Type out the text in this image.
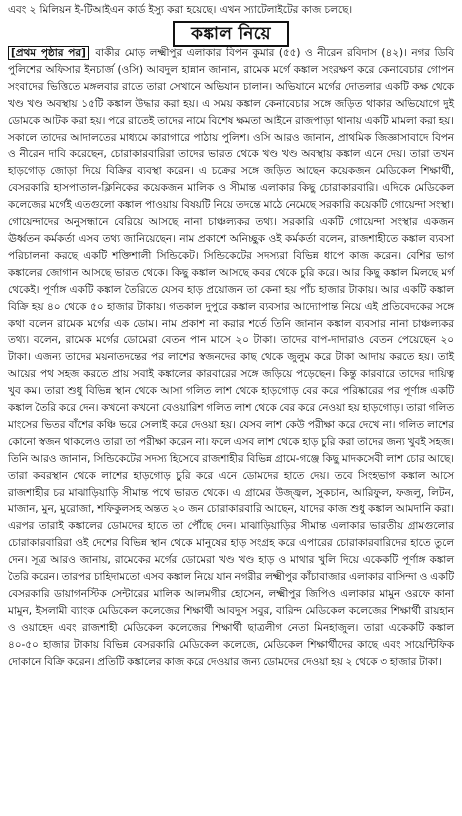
এবং ২ মিলিয়ন ই-টিআইএন কার্ড ইস্যু করা হয়েছে। এখন স্যাটেলাইটের কাজ চলছে।
কঙ্কাল নিয়ে

[প্রথম পৃষ্ঠার পর] বাকীর মোড় লক্ষ্মীপুর এলাকার বিপন কুমার (৫৫) ও নীরেন রবিদাস (৪২)। নগর ডিবি পুলিশের অফিসার ইনচার্জ (ওসি) আবদুল হান্নান জানান, রামেক মর্গে কঙ্কাল সংরক্ষণ করে কেনাবেচার গোপন সংবাদের ভিত্তিতে মঙ্গলবার রাতে তারা সেখানে অভিযান চালান। অভিযানে মর্গের দোতলার একটি কক্ষ থেকে খণ্ড খণ্ড অবস্থায় ১৫টি কঙ্কাল উদ্ধার করা হয়। এ সময় কঙ্কাল কেনাবেচার সঙ্গে জড়িত থাকার অভিযোগে দুই ডোমকে আটক করা হয়। পরে রাতেই তাদের নামে বিশেষ ক্ষমতা আইনে রাজপাড়া থানায় একটি মামলা করা হয়। সকালে তাদের আদালতের মাধ্যমে কারাগারে পাঠায় পুলিশ। ওসি আরও জানান, প্রাথমিক জিজ্ঞাসাবাদে বিপন ও নীরেন দাবি করেছেন, চোরাকারবারিরা তাদের ভারত থেকে খণ্ড খণ্ড অবস্থায় কঙ্কাল এনে দেয়। তারা তখন হাড়গোড় জোড়া দিয়ে বিক্রির ব্যবস্থা করেন। এ চক্রের সঙ্গে জড়িত আছেন কয়েকজন মেডিকেল শিক্ষার্থী, বেসরকারি হাসপাতাল-ক্লিনিকের কয়েকজন মালিক ও সীমান্ত এলাকার কিছু চোরাকারবারি। এদিকে মেডিকেল কলেজের মর্গেই এতগুলো কঙ্কাল পাওয়ায় বিষয়টি নিয়ে তদন্তে মাঠে নেমেছে সরকারি কয়েকটি গোয়েন্দা সংস্থা। গোয়েন্দাদের অনুসন্ধানে বেরিয়ে আসছে নানা চাঞ্চল্যকর তথ্য। সরকারি একটি গোয়েন্দা সংস্থার একজন ঊর্ধ্বতন কর্মকর্তা এসব তথ্য জানিয়েছেন। নাম প্রকাশে অনিচ্ছুক ওই কর্মকর্তা বলেন, রাজশাহীতে কঙ্কাল ব্যবসা পরিচালনা করছে একটি শক্তিশালী সিন্ডিকেট। সিন্ডিকেটের সদস্যরা বিভিন্ন ধাপে কাজ করেন। বেশির ভাগ কঙ্কালের জোগান আসছে ভারত থেকে। কিছু কঙ্কাল আসছে কবর থেকে চুরি করে। আর কিছু কঙ্কাল মিলছে মর্গ থেকেই। পূর্ণাঙ্গ একটি কঙ্কাল তৈরিতে যেসব হাড় প্রয়োজন তা কেনা হয় পাঁচ হাজার টাকায়। আর একটি কঙ্কাল বিক্রি হয় ৪০ থেকে ৫০ হাজার টাকায়। গতকাল দুপুরে কঙ্কাল ব্যবসার আদ্যোপান্ত নিয়ে এই প্রতিবেদকের সঙ্গে কথা বলেন রামেক মর্গের এক ডোম। নাম প্রকাশ না করার শর্তে তিনি জানান কঙ্কাল ব্যবসার নানা চাঞ্চল্যকর তথ্য। বলেন, রামেক মর্গের ডোমেরা বেতন পান মাসে ২০ টাকা। তাদের বাপ-দাদারাও বেতন পেয়েছেন ২০ টাকা। এজন্য তাদের ময়নাতদন্তের পর লাশের স্বজনদের কাছ থেকে জুলুম করে টাকা আদায় করতে হয়। তাই আয়ের পথ সহজ করতে প্রায় সবাই কঙ্কালের কারবারের সঙ্গে জড়িয়ে পড়েছেন। কিন্তু কারবারে তাদের দায়িত্ব খুব কম। তারা শুধু বিভিন্ন স্থান থেকে আসা গলিত লাশ থেকে হাড়গোড় বের করে পরিষ্কারের পর পূর্ণাঙ্গ একটি কঙ্কাল তৈরি করে দেন। কখনো কখনো বেওয়ারিশ গলিত লাশ থেকে বের করে নেওয়া হয় হাড়গোড়। তারা গলিত মাংসের ভিতর বাঁশের কঞ্চি ভরে সেলাই করে দেওয়া হয়। যেসব লাশ কেউ পরীক্ষা করে দেখে না। গলিত লাশের কোনো স্বজন থাকলেও তারা তা পরীক্ষা করেন না। ফলে এসব লাশ থেকে হাড় চুরি করা তাদের জন্য খুবই সহজ। তিনি আরও জানান, সিন্ডিকেটের সদস্য হিসেবে রাজশাহীর বিভিন্ন গ্রামে-গঞ্জে কিছু মাদকসেবী লাশ চোর আছে। তারা কবরস্থান থেকে লাশের হাড়গোড় চুরি করে এনে ডোমদের হাতে দেয়। তবে সিংহভাগ কঙ্কাল আসে রাজশাহীর চর মাঝাড়িয়াড়ি সীমান্ত পথে ভারত থেকে। এ গ্রামের উজ্জ্বল, সুকচান, আরিফুল, ফজলু, লিটন, মাজান, মুন, মুরোজা, শফিকুলসহ অন্তত ২০ জন চোরাকারবারি আছেন, যাদের কাজ শুধু কঙ্কাল আমদানি করা। এরপর তারাই কঙ্কালের ডোমদের হাতে তা পৌঁছে দেন। মাঝাড়িয়াড়ির সীমান্ত এলাকার ভারতীয় গ্রামগুলোর চোরাকারবারিরা ওই দেশের বিভিন্ন স্থান থেকে মানুষের হাড় সংগ্রহ করে এপারের চোরাকারবারিদের হাতে তুলে দেন। সূত্র আরও জানায়, রামেকের মর্গের ডোমেরা খণ্ড খণ্ড হাড় ও মাথার খুলি দিয়ে একেকটি পূর্ণাঙ্গ কঙ্কাল তৈরি করেন। তারপর চাহিদামতো এসব কঙ্কাল নিয়ে যান নগরীর লক্ষ্মীপুর কাঁচাবাজার এলাকার বাসিন্দা ও একটি বেসরকারি ডায়াগনস্টিক সেন্টারের মালিক আলমগীর হোসেন, লক্ষ্মীপুর জিপিও এলাকার মামুন ওরফে কানা মামুন, ইসলামী ব্যাংক মেডিকেল কলেজের শিক্ষার্থী আবদুস সবুর, বারিন্দ মেডিকেল কলেজের শিক্ষার্থী রায়হান ও ওয়াহেদ এবং রাজশাহী মেডিকেল কলেজের শিক্ষার্থী ছাত্রলীগ নেতা মিনহাজুল। তারা একেকটি কঙ্কাল ৪০-৫০ হাজার টাকায় বিভিন্ন বেসরকারি মেডিকেল কলেজে, মেডিকেল শিক্ষার্থীদের কাছে এবং সায়েন্টিফিক দোকানে বিক্রি করেন। প্রতিটি কঙ্কালের কাজ করে দেওয়ার জন্য ডোমদের দেওয়া হয় ২ থেকে ৩ হাজার টাকা।
